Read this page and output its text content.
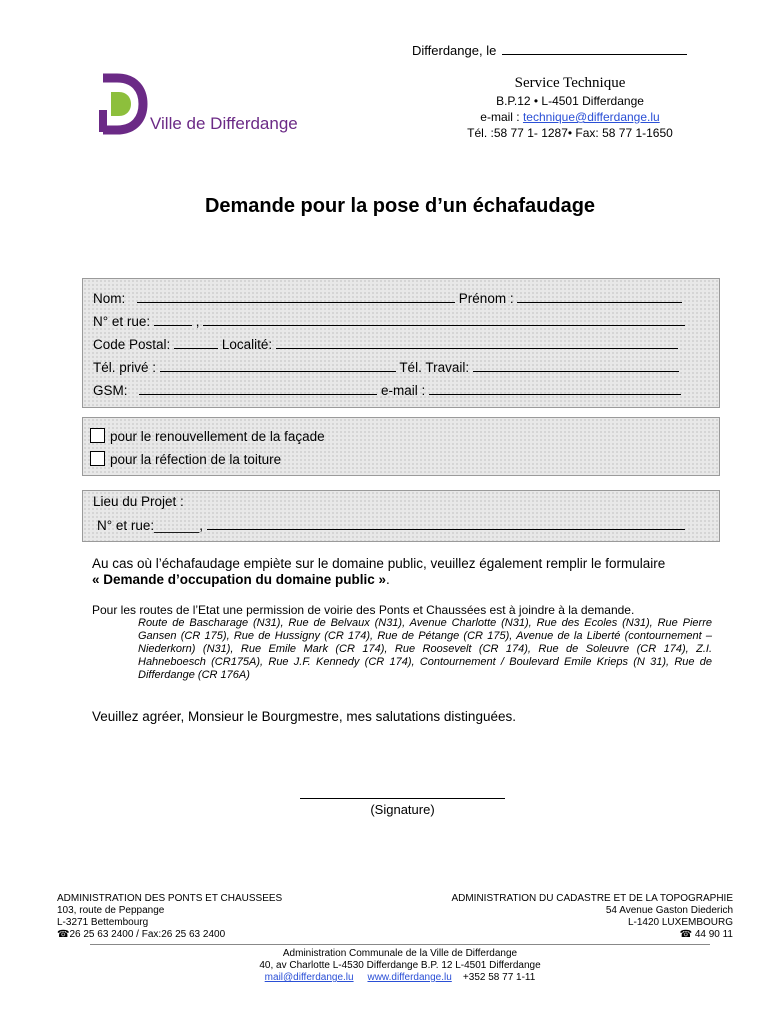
Differdange, le
Ville de Differdange
Service Technique
B.P.12 • L-4501 Differdange
e-mail : technique@differdange.lu
Tél. :58 77 1- 1287• Fax: 58 77 1-1650
Demande pour la pose d’un échafaudage
Nom:	Prénom :
N° et rue:	,
Code Postal:	Localité:
Tél. privé :	Tél. Travail:
GSM:	e-mail :
pour le renouvellement de la façade
pour la réfection de la toiture
Lieu du Projet :
N° et rue:______,
Au cas où l’échafaudage empiète sur le domaine public, veuillez également remplir le formulaire
« Demande d’occupation du domaine public ».
Pour les routes de l’Etat une permission de voirie des Ponts et Chaussées est à joindre à la demande.
Route de Bascharage (N31), Rue de Belvaux (N31), Avenue Charlotte (N31), Rue des Ecoles (N31), Rue Pierre Gansen (CR 175), Rue de Hussigny (CR 174), Rue de Pétange (CR 175), Avenue de la Liberté (contournement – Niederkorn) (N31), Rue Emile Mark (CR 174), Rue Roosevelt (CR 174), Rue de Soleuvre (CR 174), Z.I. Hahneboesch (CR175A), Rue J.F. Kennedy (CR 174), Contournement / Boulevard Emile Krieps (N 31), Rue de Differdange (CR 176A)
Veuillez agréer, Monsieur le Bourgmestre, mes salutations distinguées.
(Signature)
ADMINISTRATION DES PONTS ET CHAUSSEES
103, route de Peppange
L-3271 Bettembourg
☎26 25 63 2400 / Fax:26 25 63 2400
ADMINISTRATION DU CADASTRE ET DE LA TOPOGRAPHIE
54 Avenue Gaston Diederich
L-1420 LUXEMBOURG
☎ 44 90 11
Administration Communale de la Ville de Differdange
40, av Charlotte L-4530 Differdange B.P. 12 L-4501 Differdange
mail@differdange.lu www.differdange.lu +352 58 77 1-11
